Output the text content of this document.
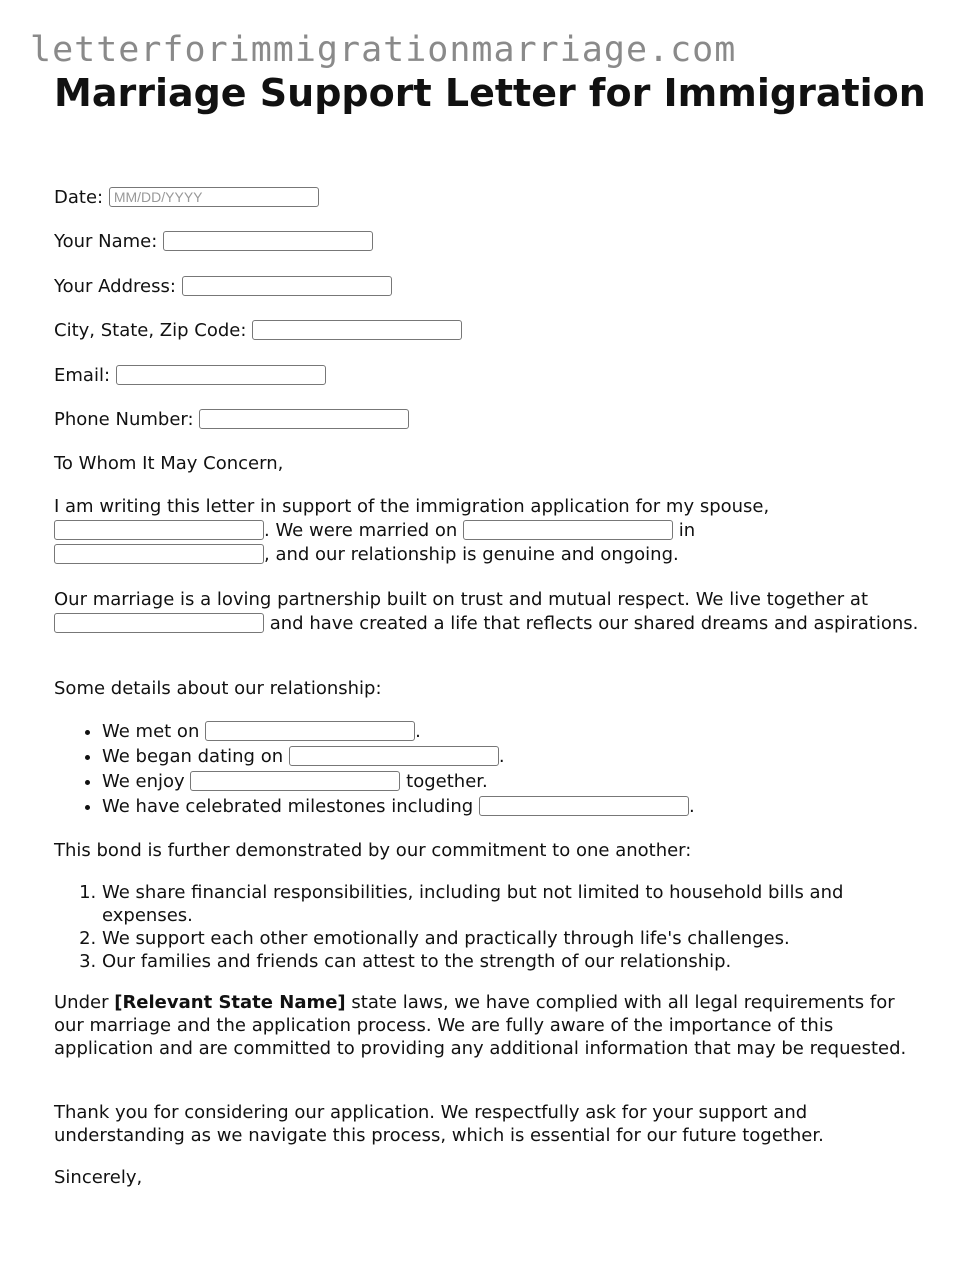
letterforimmigrationmarriage.com
Marriage Support Letter for Immigration
Date: MM/DD/YYYY
Your Name:
Your Address:
City, State, Zip Code:
Email:
Phone Number:

To Whom It May Concern,

I am writing this letter in support of the immigration application for my spouse,
. We were married on	in
, and our relationship is genuine and ongoing.

Our marriage is a loving partnership built on trust and mutual respect. We live together at
and have created a life that reflects our shared dreams and aspirations.

Some details about our relationship:

• We met on	.
• We began dating on	.
• We enjoy	together.
• We have celebrated milestones including	.

This bond is further demonstrated by our commitment to one another:

1. We share financial responsibilities, including but not limited to household bills and expenses.
2. We support each other emotionally and practically through life's challenges.
3. Our families and friends can attest to the strength of our relationship.

Under [Relevant State Name] state laws, we have complied with all legal requirements for our marriage and the application process. We are fully aware of the importance of this application and are committed to providing any additional information that may be requested.

Thank you for considering our application. We respectfully ask for your support and understanding as we navigate this process, which is essential for our future together.

Sincerely,
